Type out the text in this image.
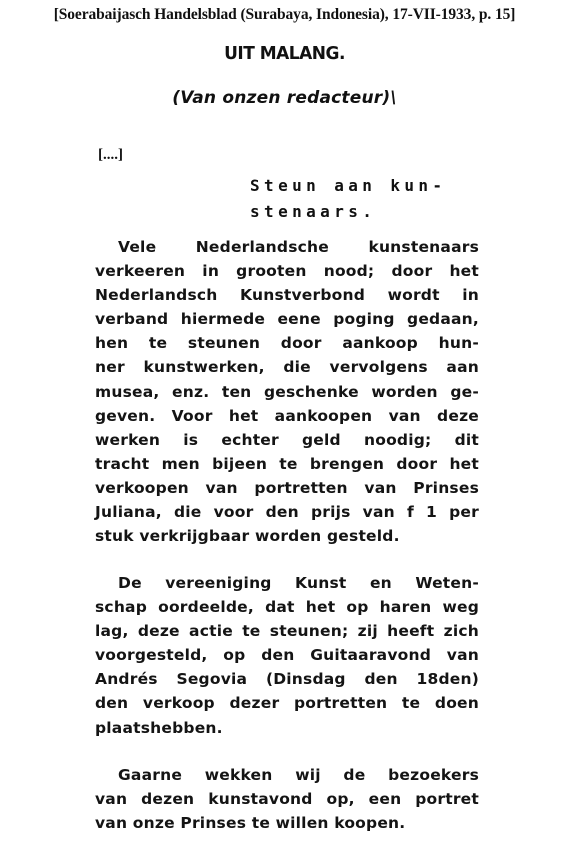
[Soerabaijasch Handelsblad (Surabaya, Indonesia), 17-VII-1933, p. 15]
UIT MALANG.
(Van onzen redacteur)\
[....]
Steun aan kun-
stenaars.
Vele Nederlandsche kunstenaars
verkeeren in grooten nood; door het
Nederlandsch Kunstverbond wordt in
verband hiermede eene poging gedaan,
hen te steunen door aankoop hun-
ner kunstwerken, die vervolgens aan
musea, enz. ten geschenke worden ge-
geven. Voor het aankoopen van deze
werken is echter geld noodig; dit
tracht men bijeen te brengen door het
verkoopen van portretten van Prinses
Juliana, die voor den prijs van f 1 per
stuk verkrijgbaar worden gesteld.
De vereeniging Kunst en Weten-
schap oordeelde, dat het op haren weg
lag, deze actie te steunen; zij heeft zich
voorgesteld, op den Guitaaravond van
Andrés Segovia (Dinsdag den 18den)
den verkoop dezer portretten te doen
plaatshebben.
Gaarne wekken wij de bezoekers
van dezen kunstavond op, een portret
van onze Prinses te willen koopen.
